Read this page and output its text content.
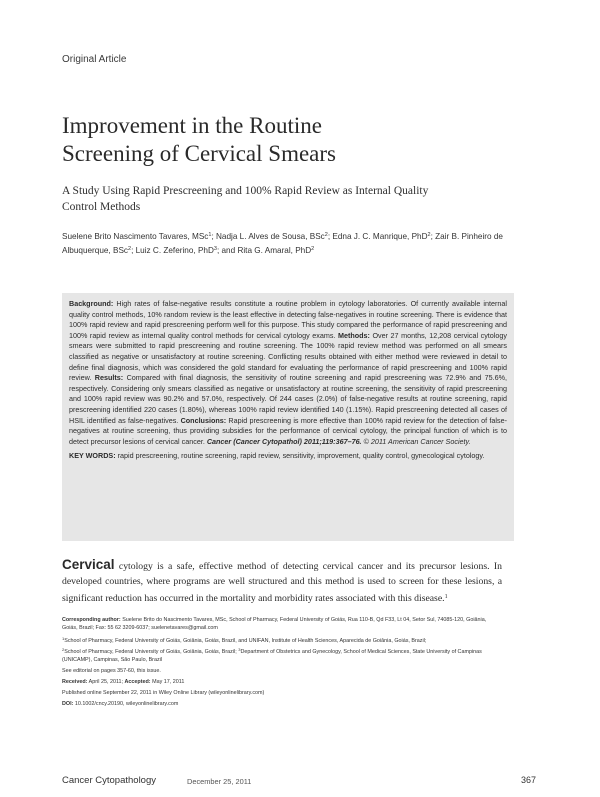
Original Article
Improvement in the Routine
Screening of Cervical Smears
A Study Using Rapid Prescreening and 100% Rapid Review as Internal Quality
Control Methods
Suelene Brito Nascimento Tavares, MSc$^1$; Nadja L. Alves de Sousa, BSc$^2$; Edna J. C. Manrique, PhD$^2$; Zair B. Pinheiro de Albuquerque, BSc$^2$; Luiz C. Zeferino, PhD$^3$; and Rita G. Amaral, PhD$^2$

Background: High rates of false-negative results constitute a routine problem in cytology laboratories. Of currently available internal quality control methods, 10% random review is the least effective in detecting false-negatives in routine screening. There is evidence that 100% rapid review and rapid prescreening perform well for this purpose. This study compared the performance of rapid prescreening and 100% rapid review as internal quality control methods for cervical cytology exams. Methods: Over 27 months, 12,208 cervical cytology smears were submitted to rapid prescreening and routine screening. The 100% rapid review method was performed on all smears classified as negative or unsatisfactory at routine screening. Conflicting results obtained with either method were reviewed in detail to define final diagnosis, which was considered the gold standard for evaluating the performance of rapid prescreening and 100% rapid review. Results: Compared with final diagnosis, the sensitivity of routine screening and rapid prescreening was 72.9% and 75.6%, respectively. Considering only smears classified as negative or unsatisfactory at routine screening, the sensitivity of rapid prescreening and 100% rapid review was 90.2% and 57.0%, respectively. Of 244 cases (2.0%) of false-negative results at routine screening, rapid prescreening identified 220 cases (1.80%), whereas 100% rapid review identified 140 (1.15%). Rapid prescreening detected all cases of HSIL identified as false-negatives. Conclusions: Rapid prescreening is more effective than 100% rapid review for the detection of false-negatives at routine screening, thus providing subsidies for the performance of cervical cytology, the principal function of which is to detect precursor lesions of cervical cancer. Cancer (Cancer Cytopathol) 2011;119:367–76. © 2011 American Cancer Society.

KEY WORDS: rapid prescreening, routine screening, rapid review, sensitivity, improvement, quality control, gynecological cytology.

Cervical cytology is a safe, effective method of detecting cervical cancer and its precursor lesions. In developed countries, where programs are well structured and this method is used to screen for these lesions, a significant reduction has occurred in the mortality and morbidity rates associated with this disease.$^1$

Corresponding author: Suelene Brito do Nascimento Tavares, MSc, School of Pharmacy, Federal University of Goiás, Rua 110-B, Qd F33, Lt 04, Setor Sul, 74085-120, Goiânia, Goiás, Brazil; Fax: 55 62 3209-6037; suelenetavares@gmail.com

$^1$School of Pharmacy, Federal University of Goiás, Goiânia, Goiás, Brazil, and UNIFAN, Institute of Health Sciences, Aparecida de Goiânia, Goiás, Brazil;
$^2$School of Pharmacy, Federal University of Goiás, Goiânia, Goiás, Brazil; $^3$Department of Obstetrics and Gynecology, School of Medical Sciences, State University of Campinas (UNICAMP), Campinas, São Paulo, Brazil

See editorial on pages 357-60, this issue.

Received: April 25, 2011; Accepted: May 17, 2011

Published online September 22, 2011 in Wiley Online Library (wileyonlinelibrary.com)

DOI: 10.1002/cncy.20190, wileyonlinelibrary.com

Cancer Cytopathology	December 25, 2011	367
